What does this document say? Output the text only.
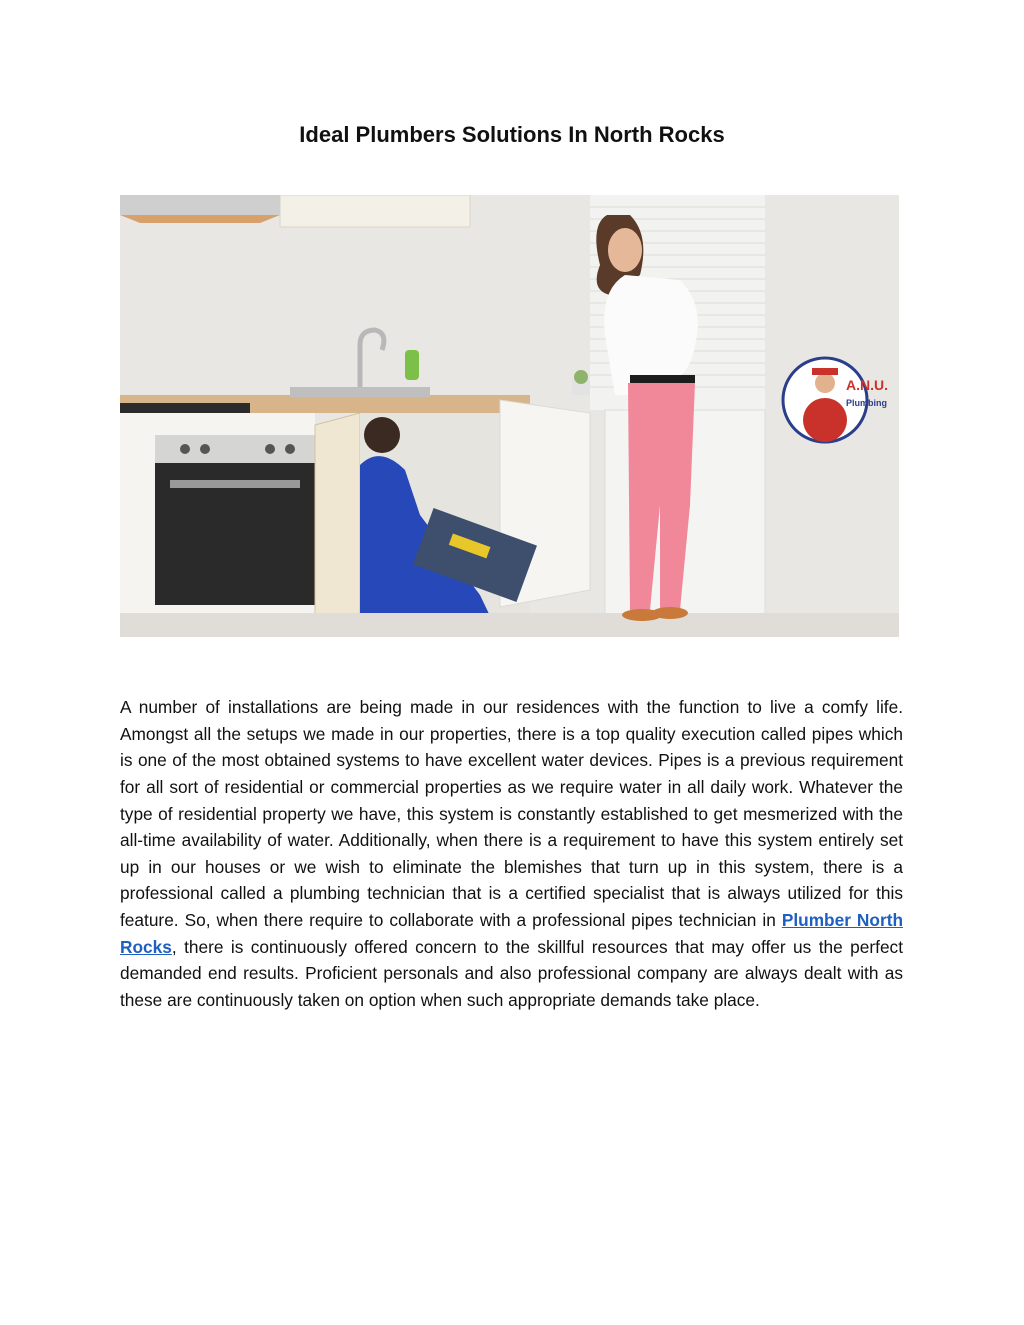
Ideal Plumbers Solutions In North Rocks
A.N.U.
Plumbing

A number of installations are being made in our residences with the function to live a comfy life. Amongst all the setups we made in our properties, there is a top quality execution called pipes which is one of the most obtained systems to have excellent water devices. Pipes is a previous requirement for all sort of residential or commercial properties as we require water in all daily work. Whatever the type of residential property we have, this system is constantly established to get mesmerized with the all-time availability of water. Additionally, when there is a requirement to have this system entirely set up in our houses or we wish to eliminate the blemishes that turn up in this system, there is a professional called a plumbing technician that is a certified specialist that is always utilized for this feature. So, when there require to collaborate with a professional pipes technician in Plumber North Rocks, there is continuously offered concern to the skillful resources that may offer us the perfect demanded end results. Proficient personals and also professional company are always dealt with as these are continuously taken on option when such appropriate demands take place.
